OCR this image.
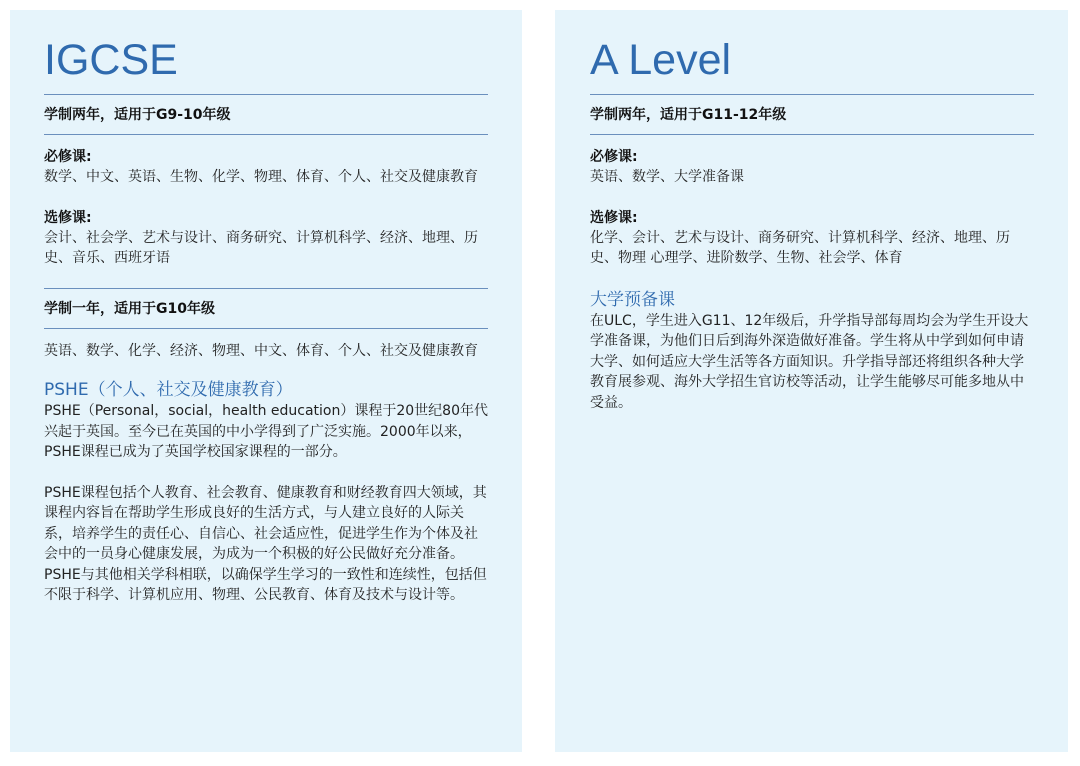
IGCSE
学制两年，适用于G9-10年级
必修课:
数学、中文、英语、生物、化学、物理、体育、个人、社交及健康教育
选修课:
会计、社会学、艺术与设计、商务研究、计算机科学、经济、地理、历史、音乐、西班牙语
学制一年，适用于G10年级
英语、数学、化学、经济、物理、中文、体育、个人、社交及健康教育
PSHE（个人、社交及健康教育）
PSHE（Personal，social，health education）课程于20世纪80年代兴起于英国。至今已在英国的中小学得到了广泛实施。2000年以来，PSHE课程已成为了英国学校国家课程的一部分。
PSHE课程包括个人教育、社会教育、健康教育和财经教育四大领域，其课程内容旨在帮助学生形成良好的生活方式，与人建立良好的人际关系，培养学生的责任心、自信心、社会适应性，促进学生作为个体及社会中的一员身心健康发展，为成为一个积极的好公民做好充分准备。PSHE与其他相关学科相联，以确保学生学习的一致性和连续性，包括但不限于科学、计算机应用、物理、公民教育、体育及技术与设计等。
A Level
学制两年，适用于G11-12年级
必修课:
英语、数学、大学准备课
选修课:
化学、会计、艺术与设计、商务研究、计算机科学、经济、地理、历史、物理 心理学、进阶数学、生物、社会学、体育
大学预备课
在ULC，学生进入G11、12年级后，升学指导部每周均会为学生开设大学准备课，为他们日后到海外深造做好准备。学生将从中学到如何申请大学、如何适应大学生活等各方面知识。升学指导部还将组织各种大学教育展参观、海外大学招生官访校等活动，让学生能够尽可能多地从中受益。
